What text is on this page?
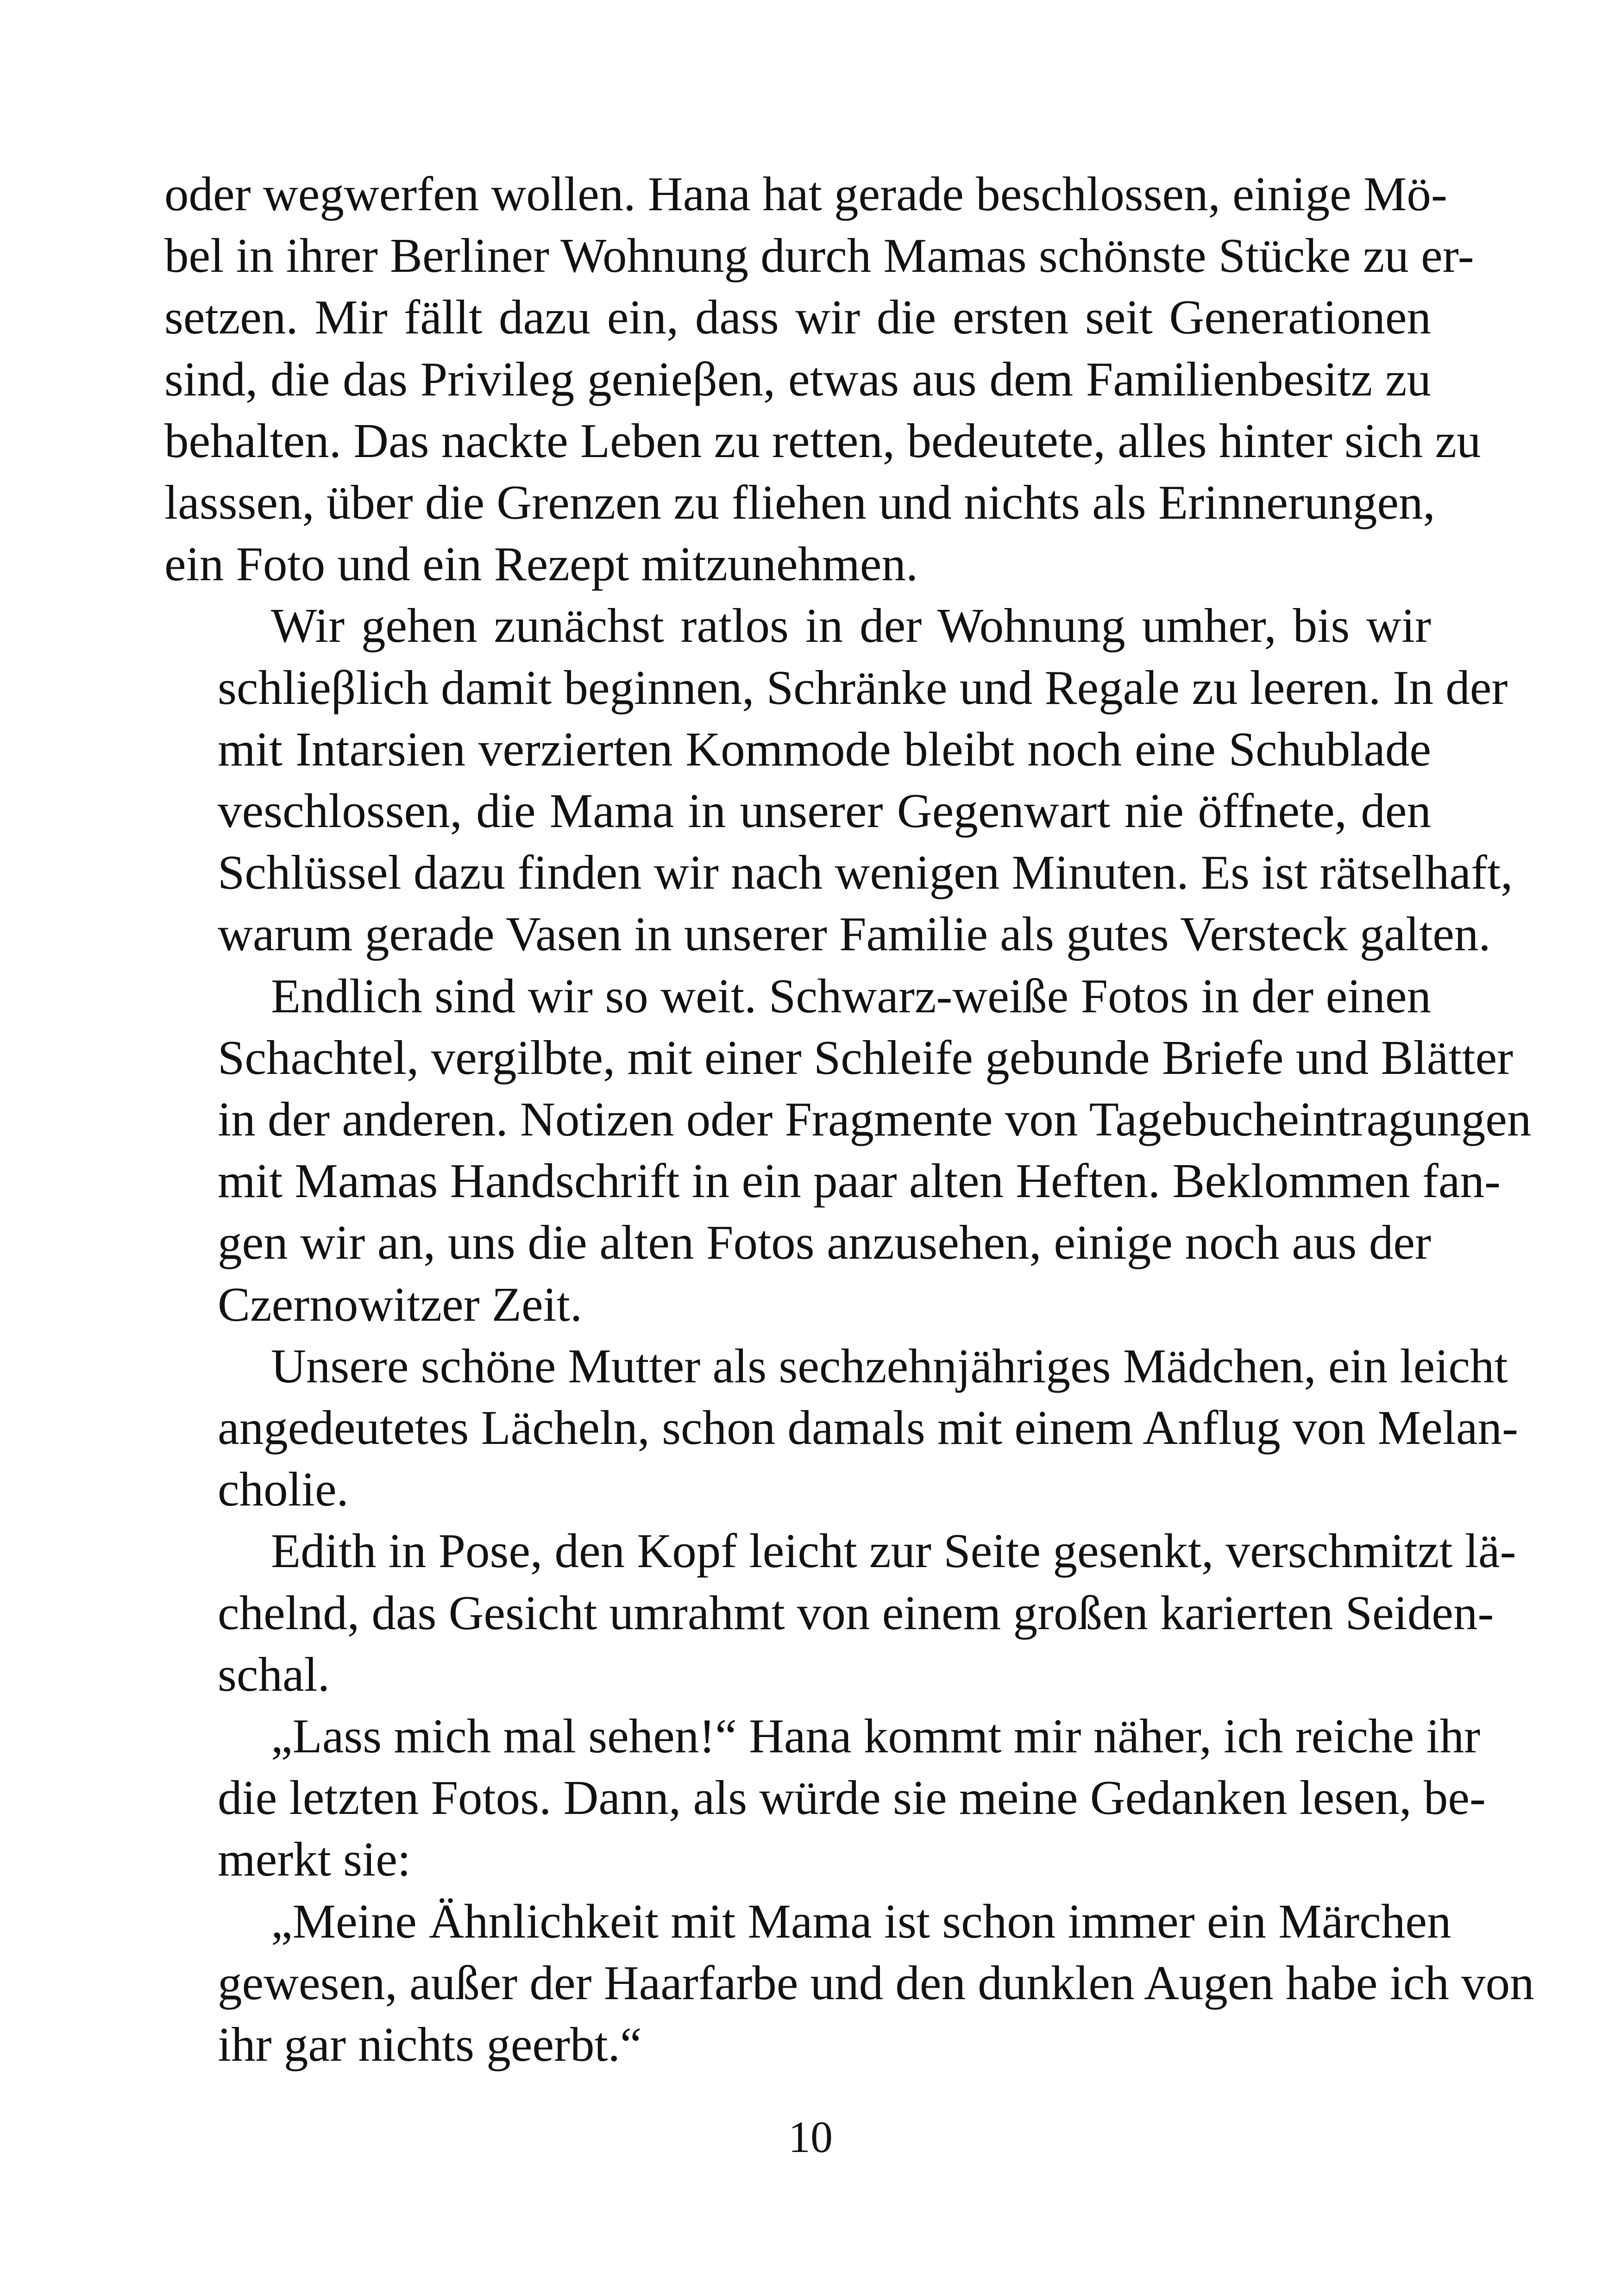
oder wegwerfen wollen. Hana hat gerade beschlossen, einige Mö-
bel in ihrer Berliner Wohnung durch Mamas schönste Stücke zu er-
setzen. Mir fällt dazu ein, dass wir die ersten seit Generationen
sind, die das Privileg genieβen, etwas aus dem Familienbesitz zu
behalten. Das nackte Leben zu retten, bedeutete, alles hinter sich zu
lasssen, über die Grenzen zu fliehen und nichts als Erinnerungen,
ein Foto und ein Rezept mitzunehmen.

Wir gehen zunächst ratlos in der Wohnung umher, bis wir
schlieβlich damit beginnen, Schränke und Regale zu leeren. In der
mit Intarsien verzierten Kommode bleibt noch eine Schublade
veschlossen, die Mama in unserer Gegenwart nie öffnete, den
Schlüssel dazu finden wir nach wenigen Minuten. Es ist rätselhaft,
warum gerade Vasen in unserer Familie als gutes Versteck galten.

Endlich sind wir so weit. Schwarz-weiße Fotos in der einen
Schachtel, vergilbte, mit einer Schleife gebunde Briefe und Blätter
in der anderen. Notizen oder Fragmente von Tagebucheintragungen
mit Mamas Handschrift in ein paar alten Heften. Beklommen fan-
gen wir an, uns die alten Fotos anzusehen, einige noch aus der
Czernowitzer Zeit.

Unsere schöne Mutter als sechzehnjähriges Mädchen, ein leicht
angedeutetes Lächeln, schon damals mit einem Anflug von Melan-
cholie.

Edith in Pose, den Kopf leicht zur Seite gesenkt, verschmitzt lä-
chelnd, das Gesicht umrahmt von einem großen karierten Seiden-
schal.

„Lass mich mal sehen!“ Hana kommt mir näher, ich reiche ihr
die letzten Fotos. Dann, als würde sie meine Gedanken lesen, be-
merkt sie:

„Meine Ähnlichkeit mit Mama ist schon immer ein Märchen
gewesen, außer der Haarfarbe und den dunklen Augen habe ich von
ihr gar nichts geerbt.“

10
